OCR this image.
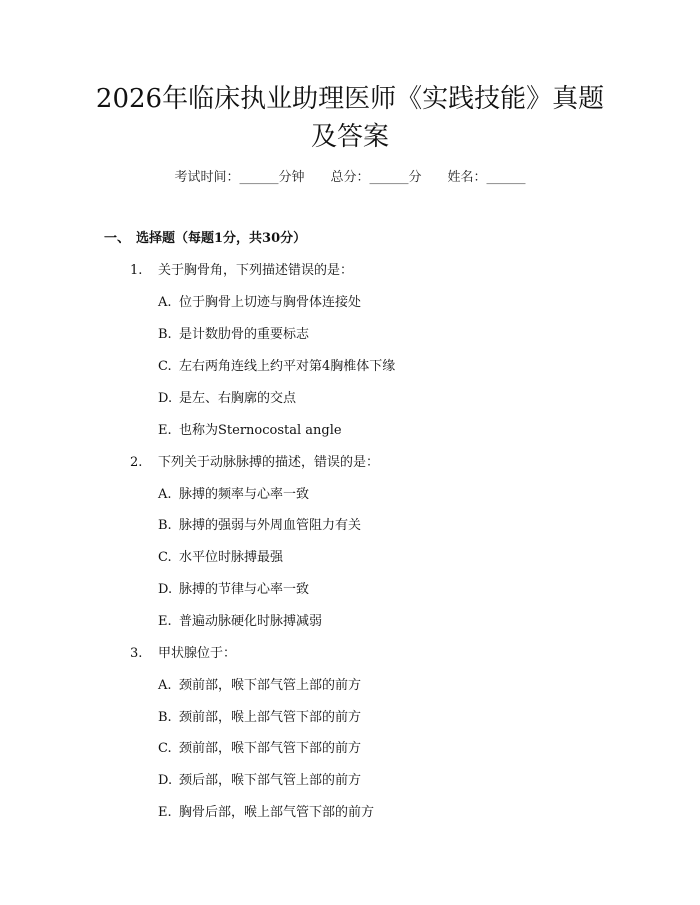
2026年临床执业助理医师《实践技能》真题
及答案
考试时间：______分钟 总分：______分 姓名：______
一、 选择题（每题1分，共30分）
1. 关于胸骨角，下列描述错误的是：
A. 位于胸骨上切迹与胸骨体连接处
B. 是计数肋骨的重要标志
C. 左右两角连线上约平对第4胸椎体下缘
D. 是左、右胸廓的交点
E. 也称为Sternocostal angle
2. 下列关于动脉脉搏的描述，错误的是：
A. 脉搏的频率与心率一致
B. 脉搏的强弱与外周血管阻力有关
C. 水平位时脉搏最强
D. 脉搏的节律与心率一致
E. 普遍动脉硬化时脉搏减弱
3. 甲状腺位于：
A. 颈前部，喉下部气管上部的前方
B. 颈前部，喉上部气管下部的前方
C. 颈前部，喉下部气管下部的前方
D. 颈后部，喉下部气管上部的前方
E. 胸骨后部，喉上部气管下部的前方
